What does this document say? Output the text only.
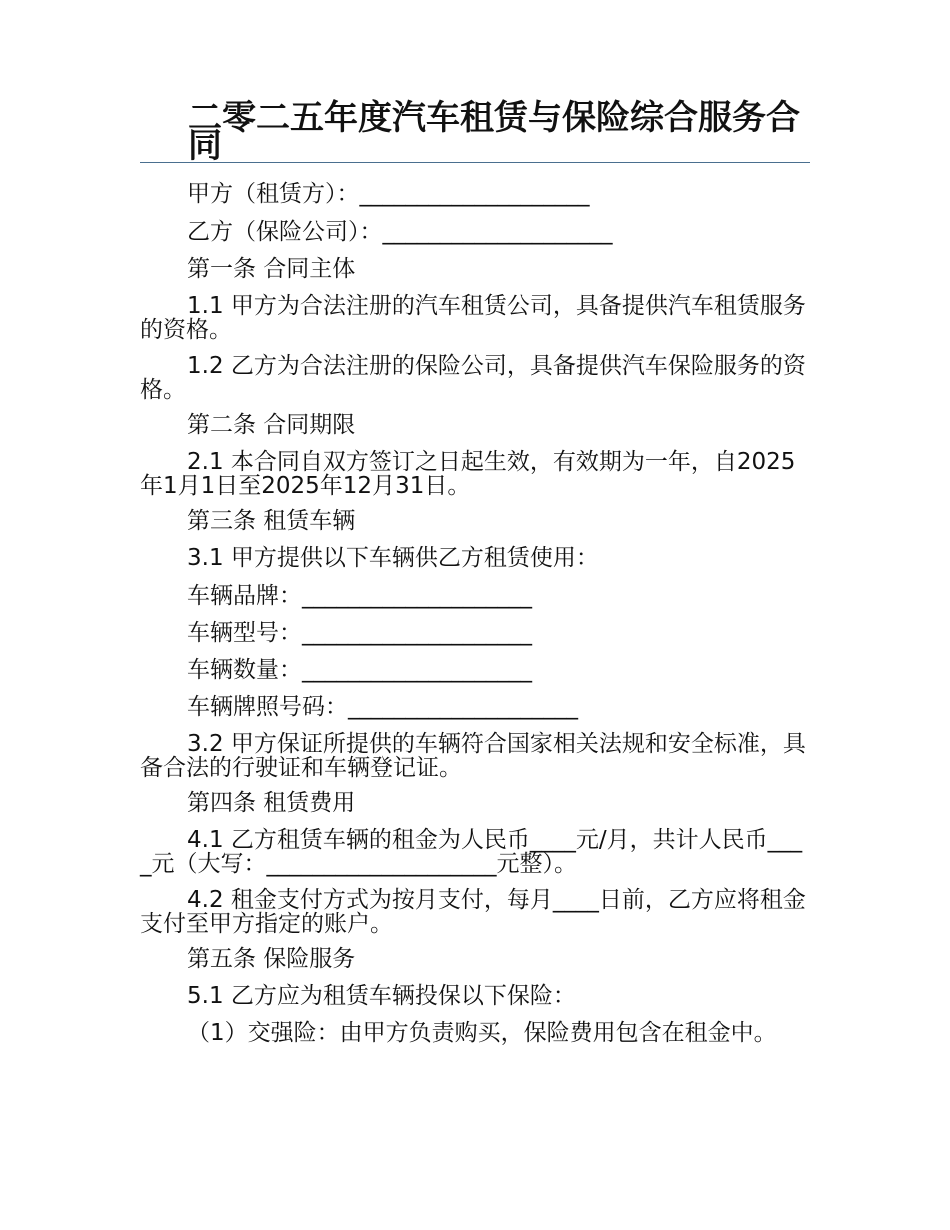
二零二五年度汽车租赁与保险综合服务合同
甲方（租赁方）：____________________
乙方（保险公司）：____________________
第一条 合同主体
1.1 甲方为合法注册的汽车租赁公司，具备提供汽车租赁服务的资格。
1.2 乙方为合法注册的保险公司，具备提供汽车保险服务的资格。
第二条 合同期限
2.1 本合同自双方签订之日起生效，有效期为一年，自2025年1月1日至2025年12月31日。
第三条 租赁车辆
3.1 甲方提供以下车辆供乙方租赁使用：
车辆品牌：____________________
车辆型号：____________________
车辆数量：____________________
车辆牌照号码：____________________
3.2 甲方保证所提供的车辆符合国家相关法规和安全标准，具备合法的行驶证和车辆登记证。
第四条 租赁费用
4.1 乙方租赁车辆的租金为人民币____元/月，共计人民币____元（大写：____________________元整）。
4.2 租金支付方式为按月支付，每月____日前，乙方应将租金支付至甲方指定的账户。
第五条 保险服务
5.1 乙方应为租赁车辆投保以下保险：
（1）交强险：由甲方负责购买，保险费用包含在租金中。
